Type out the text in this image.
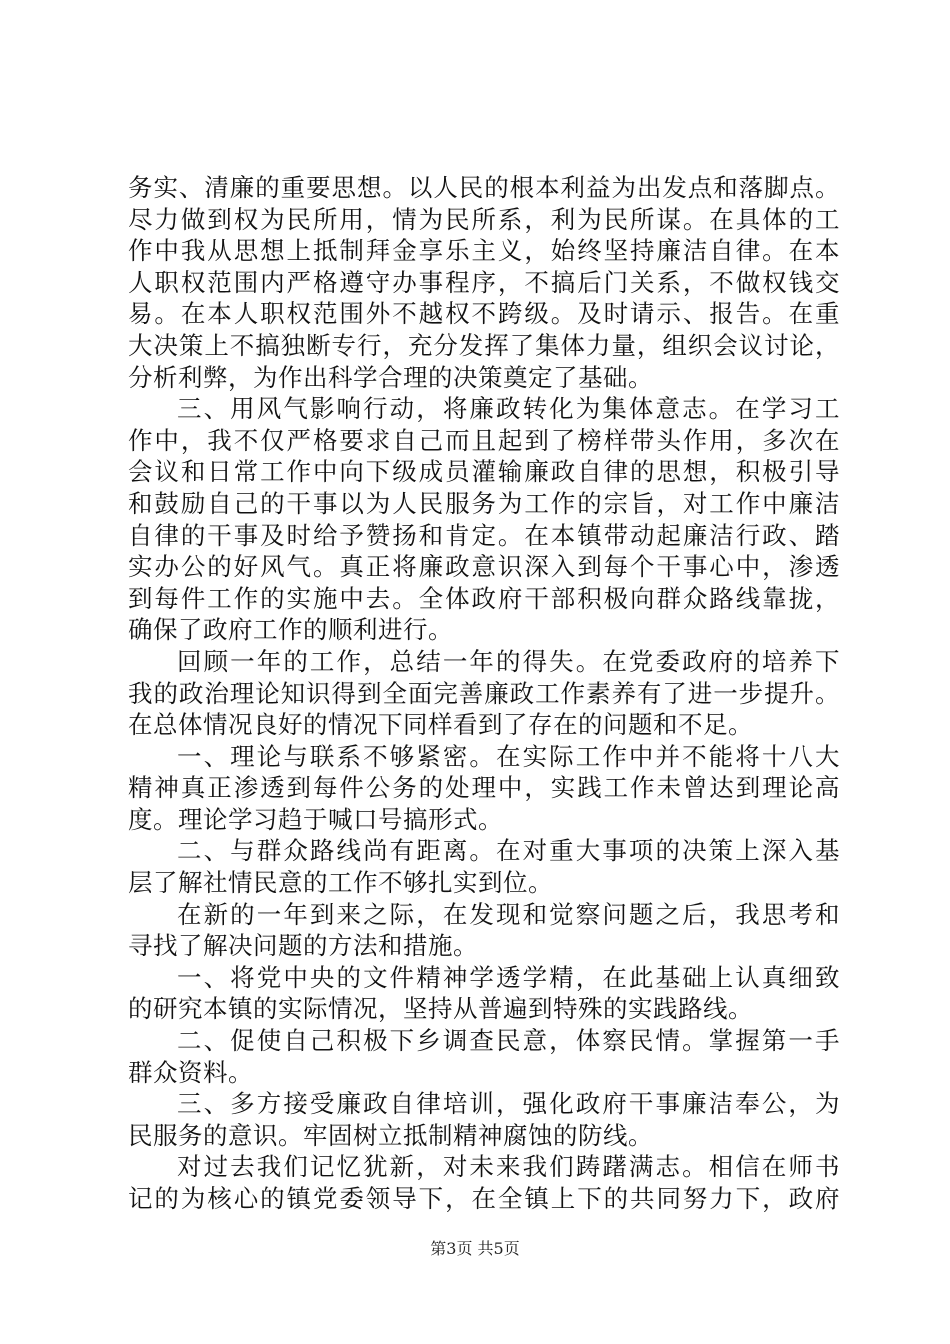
务实、清廉的重要思想。以人民的根本利益为出发点和落脚点。
尽力做到权为民所用，情为民所系，利为民所谋。在具体的工
作中我从思想上抵制拜金享乐主义，始终坚持廉洁自律。在本
人职权范围内严格遵守办事程序，不搞后门关系，不做权钱交
易。在本人职权范围外不越权不跨级。及时请示、报告。在重
大决策上不搞独断专行，充分发挥了集体力量，组织会议讨论，
分析利弊，为作出科学合理的决策奠定了基础。
三、用风气影响行动，将廉政转化为集体意志。在学习工
作中，我不仅严格要求自己而且起到了榜样带头作用，多次在
会议和日常工作中向下级成员灌输廉政自律的思想，积极引导
和鼓励自己的干事以为人民服务为工作的宗旨，对工作中廉洁
自律的干事及时给予赞扬和肯定。在本镇带动起廉洁行政、踏
实办公的好风气。真正将廉政意识深入到每个干事心中，渗透
到每件工作的实施中去。全体政府干部积极向群众路线靠拢，
确保了政府工作的顺利进行。
回顾一年的工作，总结一年的得失。在党委政府的培养下
我的政治理论知识得到全面完善廉政工作素养有了进一步提升。
在总体情况良好的情况下同样看到了存在的问题和不足。
一、理论与联系不够紧密。在实际工作中并不能将十八大
精神真正渗透到每件公务的处理中，实践工作未曾达到理论高
度。理论学习趋于喊口号搞形式。
二、与群众路线尚有距离。在对重大事项的决策上深入基
层了解社情民意的工作不够扎实到位。
在新的一年到来之际，在发现和觉察问题之后，我思考和
寻找了解决问题的方法和措施。
一、将党中央的文件精神学透学精，在此基础上认真细致
的研究本镇的实际情况，坚持从普遍到特殊的实践路线。
二、促使自己积极下乡调查民意，体察民情。掌握第一手
群众资料。
三、多方接受廉政自律培训，强化政府干事廉洁奉公，为
民服务的意识。牢固树立抵制精神腐蚀的防线。
对过去我们记忆犹新，对未来我们踌躇满志。相信在师书
记的为核心的镇党委领导下，在全镇上下的共同努力下，政府
第3页 共5页
